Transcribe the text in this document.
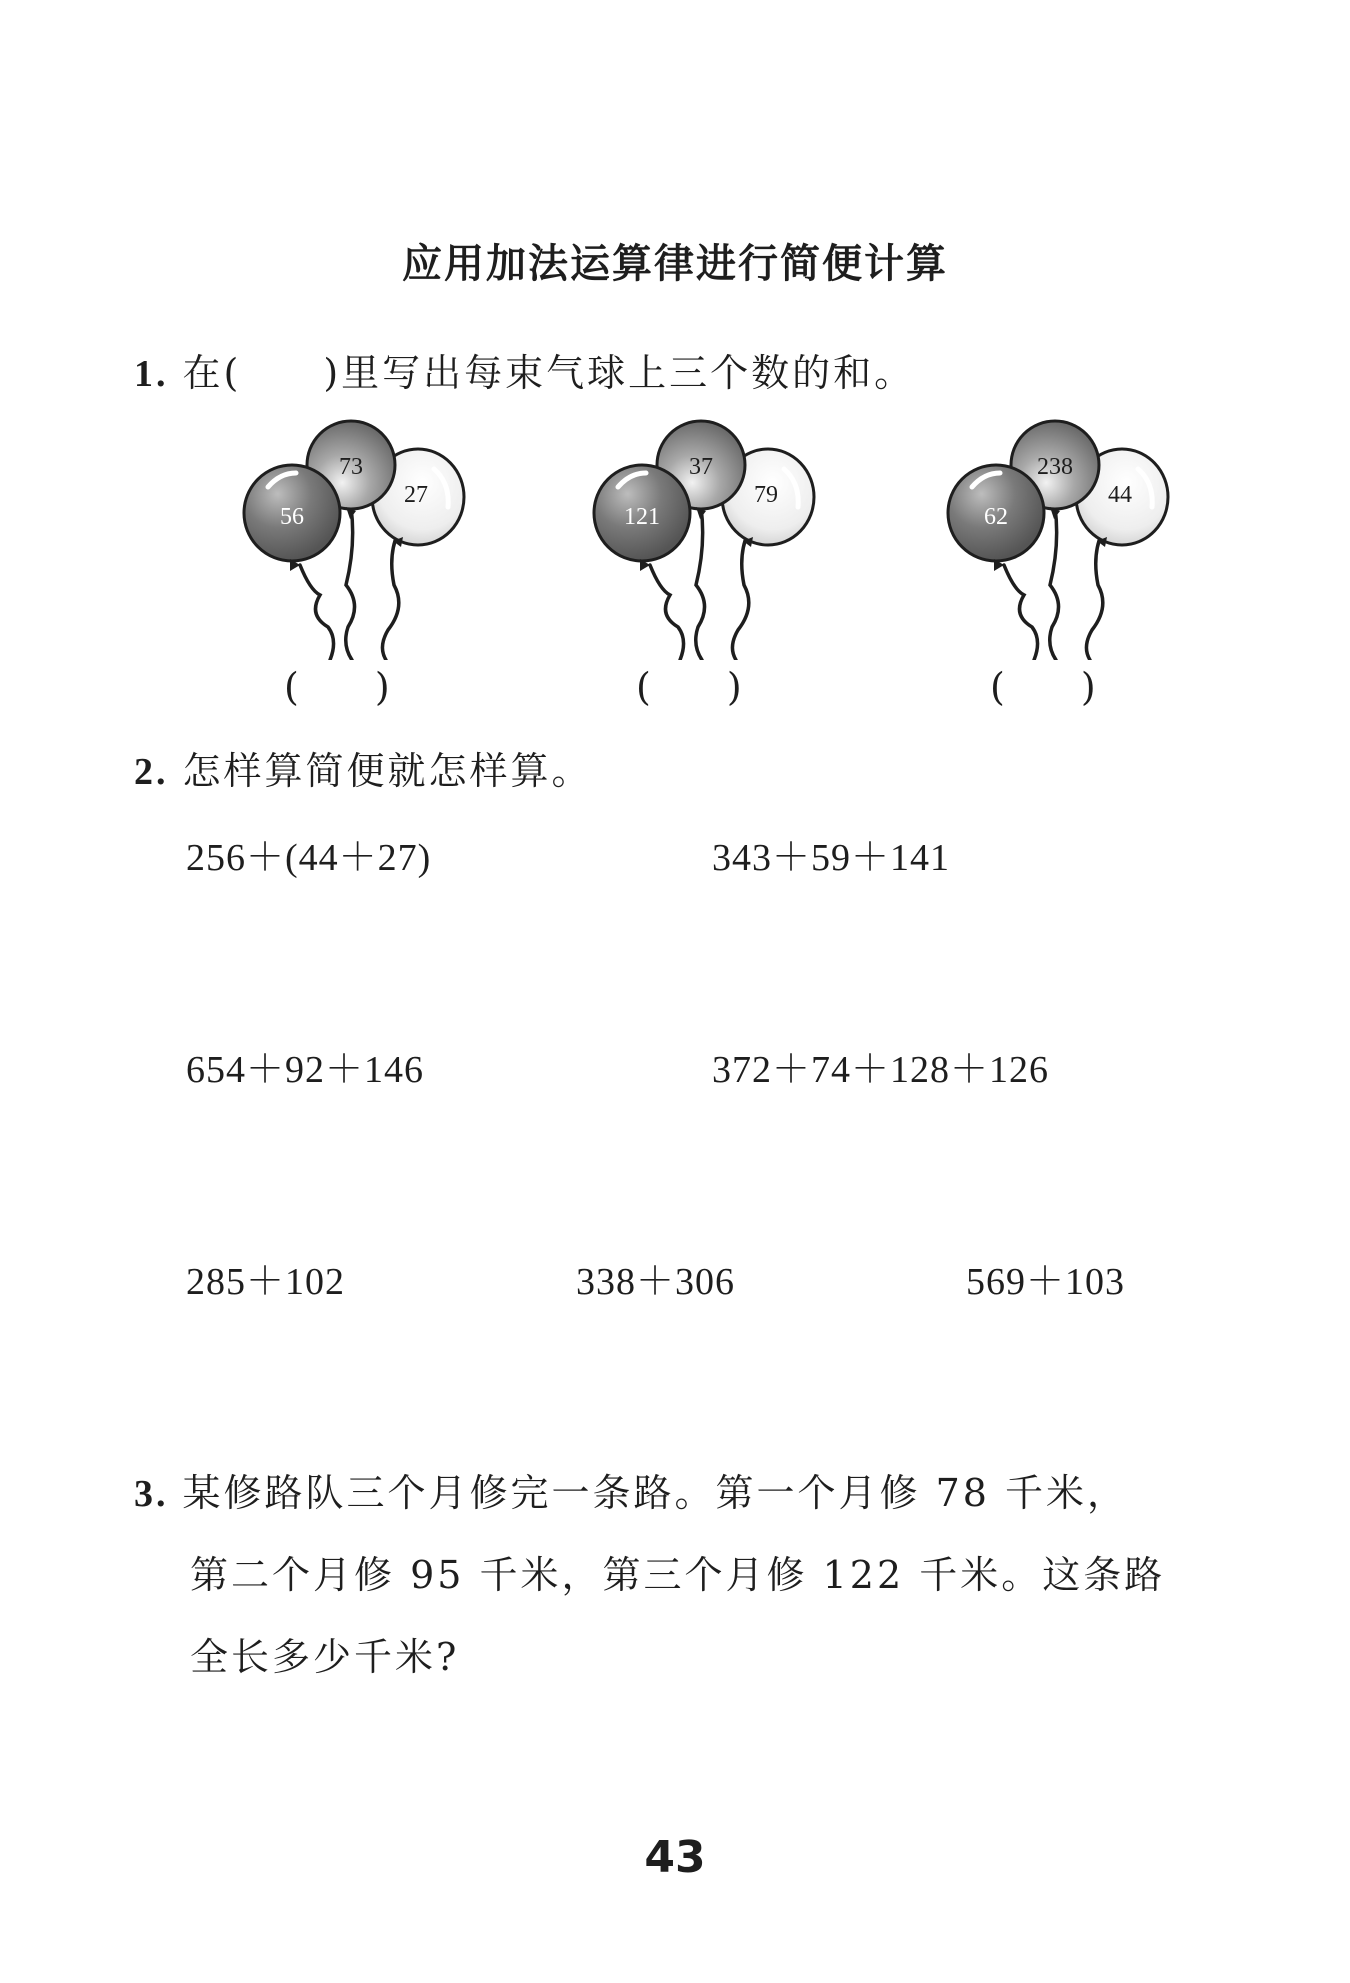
应用加法运算律进行简便计算
1. 在(　　)里写出每束气球上三个数的和。
56
73
27
121
37
79
62
238
44
(　　)	(　　)	(　　)
2. 怎样算简便就怎样算。
256＋(44＋27)	343＋59＋141
654＋92＋146	372＋74＋128＋126
285＋102	338＋306	569＋103
3. 某修路队三个月修完一条路。第一个月修 78 千米，
第二个月修 95 千米，第三个月修 122 千米。这条路
全长多少千米?
43
